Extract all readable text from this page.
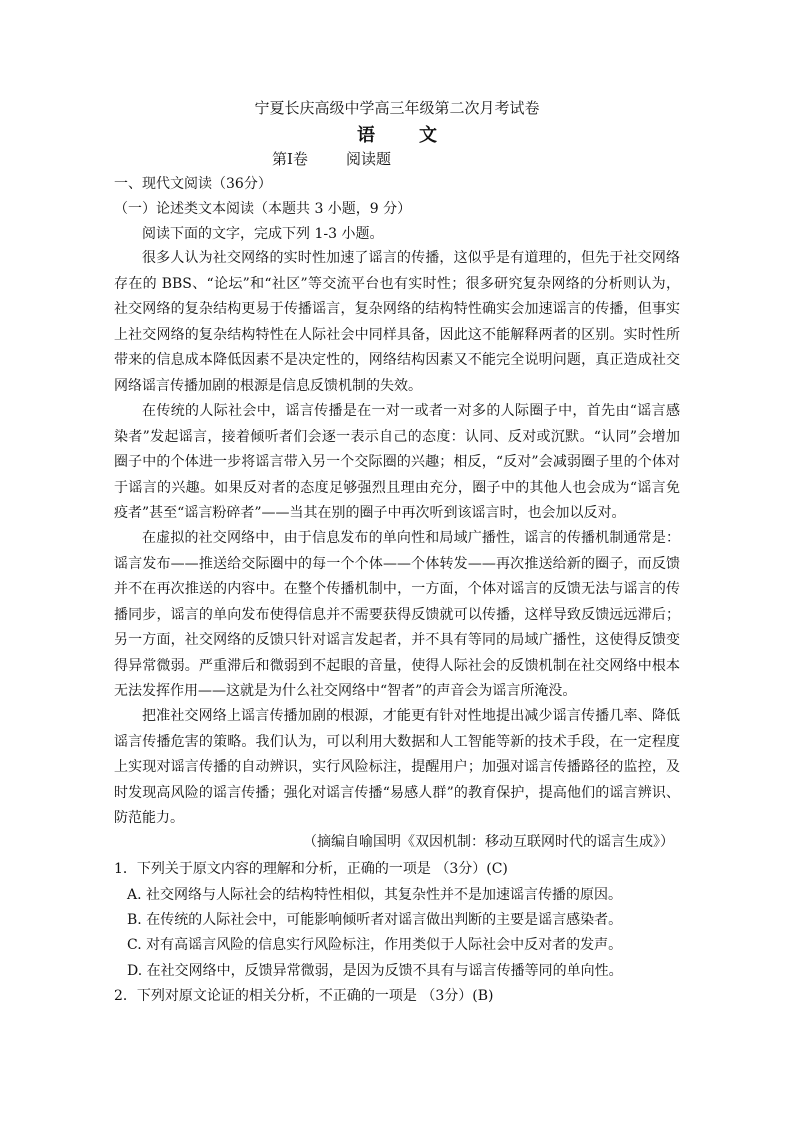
宁夏长庆高级中学高三年级第二次月考试卷
语 文
第Ⅰ卷	阅读题
一、现代文阅读（36分）
（一）论述类文本阅读（本题共 3 小题，9 分）
阅读下面的文字，完成下列 1-3 小题。
很多人认为社交网络的实时性加速了谣言的传播，这似乎是有道理的，但先于社交网络存在的 BBS、“论坛”和“社区”等交流平台也有实时性；很多研究复杂网络的分析则认为，社交网络的复杂结构更易于传播谣言，复杂网络的结构特性确实会加速谣言的传播，但事实上社交网络的复杂结构特性在人际社会中同样具备，因此这不能解释两者的区别。实时性所带来的信息成本降低因素不是决定性的，网络结构因素又不能完全说明问题，真正造成社交网络谣言传播加剧的根源是信息反馈机制的失效。
在传统的人际社会中，谣言传播是在一对一或者一对多的人际圈子中，首先由“谣言感染者”发起谣言，接着倾听者们会逐一表示自己的态度：认同、反对或沉默。“认同”会增加圈子中的个体进一步将谣言带入另一个交际圈的兴趣；相反，“反对”会减弱圈子里的个体对于谣言的兴趣。如果反对者的态度足够强烈且理由充分，圈子中的其他人也会成为“谣言免疫者”甚至“谣言粉碎者”——当其在别的圈子中再次听到该谣言时，也会加以反对。
在虚拟的社交网络中，由于信息发布的单向性和局域广播性，谣言的传播机制通常是：谣言发布——推送给交际圈中的每一个个体——个体转发——再次推送给新的圈子，而反馈并不在再次推送的内容中。在整个传播机制中，一方面，个体对谣言的反馈无法与谣言的传播同步，谣言的单向发布使得信息并不需要获得反馈就可以传播，这样导致反馈远远滞后；另一方面，社交网络的反馈只针对谣言发起者，并不具有等同的局域广播性，这使得反馈变得异常微弱。严重滞后和微弱到不起眼的音量，使得人际社会的反馈机制在社交网络中根本无法发挥作用——这就是为什么社交网络中“智者”的声音会为谣言所淹没。
把准社交网络上谣言传播加剧的根源，才能更有针对性地提出减少谣言传播几率、降低谣言传播危害的策略。我们认为，可以利用大数据和人工智能等新的技术手段，在一定程度上实现对谣言传播的自动辨识，实行风险标注，提醒用户；加强对谣言传播路径的监控，及时发现高风险的谣言传播；强化对谣言传播“易感人群”的教育保护，提高他们的谣言辨识、防范能力。
（摘编自喻国明《双因机制：移动互联网时代的谣言生成》）
1．下列关于原文内容的理解和分析，正确的一项是 （3分）(C)
A. 社交网络与人际社会的结构特性相似，其复杂性并不是加速谣言传播的原因。
B. 在传统的人际社会中，可能影响倾听者对谣言做出判断的主要是谣言感染者。
C. 对有高谣言风险的信息实行风险标注，作用类似于人际社会中反对者的发声。
D. 在社交网络中，反馈异常微弱，是因为反馈不具有与谣言传播等同的单向性。
2．下列对原文论证的相关分析，不正确的一项是 （3分）(B)
